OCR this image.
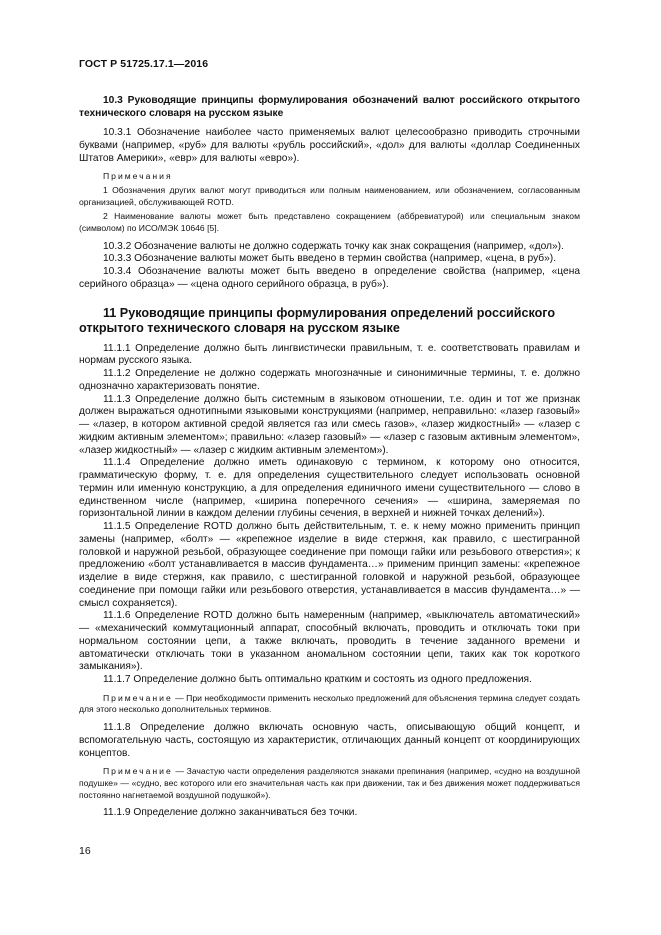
ГОСТ Р 51725.17.1—2016
10.3 Руководящие принципы формулирования обозначений валют российского открытого технического словаря на русском языке

10.3.1 Обозначение наиболее часто применяемых валют целесообразно приводить строчными буквами (например, «руб» для валюты «рубль российский», «дол» для валюты «доллар Соединенных Штатов Америки», «евр» для валюты «евро»).

Примечания

1 Обозначения других валют могут приводиться или полным наименованием, или обозначением, согласованным организацией, обслуживающей ROTD.

2 Наименование валюты может быть представлено сокращением (аббревиатурой) или специальным знаком (символом) по ИСО/МЭК 10646 [5].

10.3.2 Обозначение валюты не должно содержать точку как знак сокращения (например, «дол»).

10.3.3 Обозначение валюты может быть введено в термин свойства (например, «цена, в руб»).

10.3.4 Обозначение валюты может быть введено в определение свойства (например, «цена серийного образца» — «цена одного серийного образца, в руб»).

11 Руководящие принципы формулирования определений российского открытого технического словаря на русском языке

11.1.1 Определение должно быть лингвистически правильным, т. е. соответствовать правилам и нормам русского языка.

11.1.2 Определение не должно содержать многозначные и синонимичные термины, т. е. должно однозначно характеризовать понятие.

11.1.3 Определение должно быть системным в языковом отношении, т.е. один и тот же признак должен выражаться однотипными языковыми конструкциями (например, неправильно: «лазер газовый» — «лазер, в котором активной средой является газ или смесь газов», «лазер жидкостный» — «лазер с жидким активным элементом»; правильно: «лазер газовый» — «лазер с газовым активным элементом», «лазер жидкостный» — «лазер с жидким активным элементом»).

11.1.4 Определение должно иметь одинаковую с термином, к которому оно относится, грамматическую форму, т. е. для определения существительного следует использовать основной термин или именную конструкцию, а для определения единичного имени существительного — слово в единственном числе (например, «ширина поперечного сечения» — «ширина, замеряемая по горизонтальной линии в каждом делении глубины сечения, в верхней и нижней точках делений»).

11.1.5 Определение ROTD должно быть действительным, т. е. к нему можно применить принцип замены (например, «болт» — «крепежное изделие в виде стержня, как правило, с шестигранной головкой и наружной резьбой, образующее соединение при помощи гайки или резьбового отверстия»; к предложению «болт устанавливается в массив фундамента…» применим принцип замены: «крепежное изделие в виде стержня, как правило, с шестигранной головкой и наружной резьбой, образующее соединение при помощи гайки или резьбового отверстия, устанавливается в массив фундамента…» — смысл сохраняется).

11.1.6 Определение ROTD должно быть намеренным (например, «выключатель автоматический» — «механический коммутационный аппарат, способный включать, проводить и отключать токи при нормальном состоянии цепи, а также включать, проводить в течение заданного времени и автоматически отключать токи в указанном аномальном состоянии цепи, таких как ток короткого замыкания»).

11.1.7 Определение должно быть оптимально кратким и состоять из одного предложения.

Примечание — При необходимости применить несколько предложений для объяснения термина следует создать для этого несколько дополнительных терминов.

11.1.8 Определение должно включать основную часть, описывающую общий концепт, и вспомогательную часть, состоящую из характеристик, отличающих данный концепт от координирующих концептов.

Примечание — Зачастую части определения разделяются знаками препинания (например, «судно на воздушной подушке» — «судно, вес которого или его значительная часть как при движении, так и без движения может поддерживаться постоянно нагнетаемой воздушной подушкой»).

11.1.9 Определение должно заканчиваться без точки.

16
